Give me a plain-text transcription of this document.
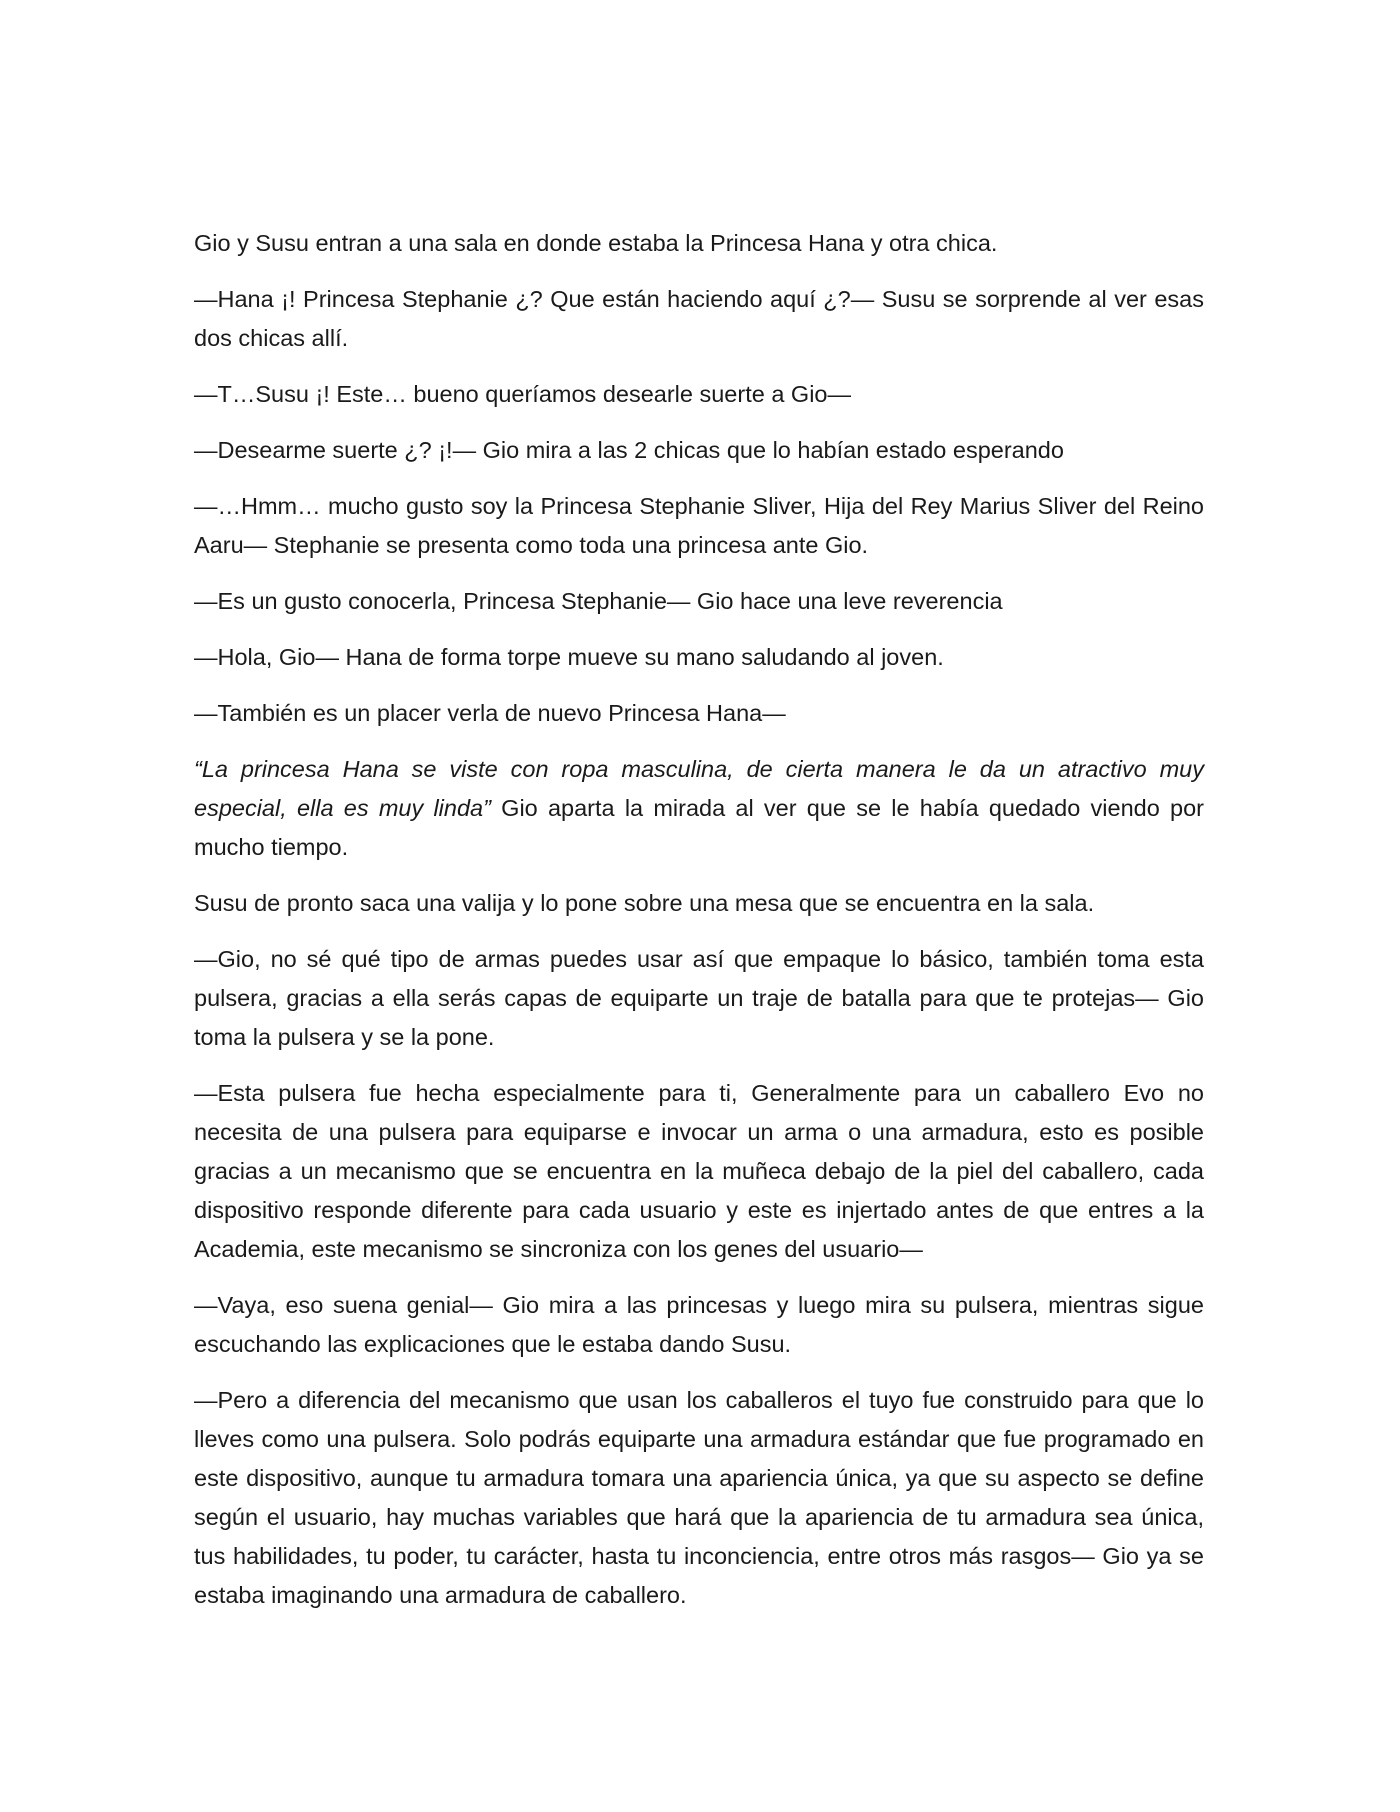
Gio y Susu entran a una sala en donde estaba la Princesa Hana y otra chica.

—Hana ¡! Princesa Stephanie ¿? Que están haciendo aquí ¿?— Susu se sorprende al ver esas dos chicas allí.

—T…Susu ¡! Este… bueno queríamos desearle suerte a Gio—

—Desearme suerte ¿? ¡!— Gio mira a las 2 chicas que lo habían estado esperando

—…Hmm… mucho gusto soy la Princesa Stephanie Sliver, Hija del Rey Marius Sliver del Reino Aaru— Stephanie se presenta como toda una princesa ante Gio.

—Es un gusto conocerla, Princesa Stephanie— Gio hace una leve reverencia

—Hola, Gio— Hana de forma torpe mueve su mano saludando al joven.

—También es un placer verla de nuevo Princesa Hana—

“La princesa Hana se viste con ropa masculina, de cierta manera le da un atractivo muy especial, ella es muy linda” Gio aparta la mirada al ver que se le había quedado viendo por mucho tiempo.

Susu de pronto saca una valija y lo pone sobre una mesa que se encuentra en la sala.

—Gio, no sé qué tipo de armas puedes usar así que empaque lo básico, también toma esta pulsera, gracias a ella serás capas de equiparte un traje de batalla para que te protejas— Gio toma la pulsera y se la pone.

—Esta pulsera fue hecha especialmente para ti, Generalmente para un caballero Evo no necesita de una pulsera para equiparse e invocar un arma o una armadura, esto es posible gracias a un mecanismo que se encuentra en la muñeca debajo de la piel del caballero, cada dispositivo responde diferente para cada usuario y este es injertado antes de que entres a la Academia, este mecanismo se sincroniza con los genes del usuario—

—Vaya, eso suena genial— Gio mira a las princesas y luego mira su pulsera, mientras sigue escuchando las explicaciones que le estaba dando Susu.

—Pero a diferencia del mecanismo que usan los caballeros el tuyo fue construido para que lo lleves como una pulsera. Solo podrás equiparte una armadura estándar que fue programado en este dispositivo, aunque tu armadura tomara una apariencia única, ya que su aspecto se define según el usuario, hay muchas variables que hará que la apariencia de tu armadura sea única, tus habilidades, tu poder, tu carácter, hasta tu inconciencia, entre otros más rasgos— Gio ya se estaba imaginando una armadura de caballero.
